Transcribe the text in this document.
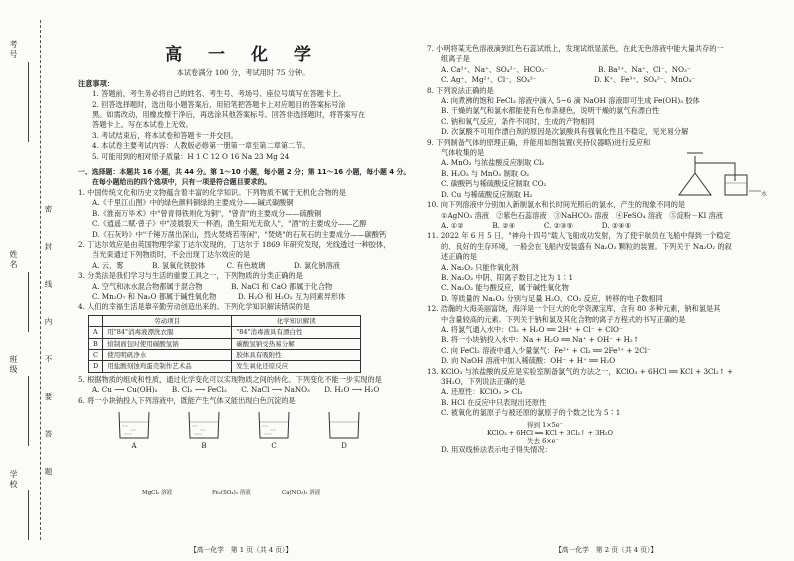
考号
姓名
班级
学校
密封线内不要答题
高 一 化 学

本试卷满分 100 分，考试用时 75 分钟。

注意事项：

1. 答题前，考生务必将自己的姓名、考生号、考场号、座位号填写在答题卡上。

2. 回答选择题时，选出每小题答案后，用铅笔把答题卡上对应题目的答案标号涂

黑。如需改动，用橡皮擦干净后，再选涂其他答案标号。回答非选择题时，将答案写在

答题卡上。写在本试卷上无效。

3. 考试结束后，将本试卷和答题卡一并交回。

4. 本试卷主要考试内容：人教版必修第一册第一章至第二章第二节。

5. 可能用到的相对原子质量：H 1 C 12 O 16 Na 23 Mg 24

一、选择题：本题共 16 小题，共 44 分。第 1～10 小题，每小题 2 分；第 11～16 小题，每小题 4 分。

在每小题给出的四个选项中，只有一项是符合题目要求的。

1. 中国传统文化和历史文物蕴含着丰富的化学知识。下列物质不属于无机化合物的是

A.《千里江山图》中的绿色颜料铜绿的主要成分——碱式碳酸铜

B.《淮南万毕术》中"曾青得铁则化为铜"，"曾青"的主要成分——硫酸铜

C.《逍遥二赋·曾子》中"凌晨裂天一杯酒，渔生阳光无欲人"，"酒"的主要成分——乙醇

D.《石灰吟》中"千锤万凿出深山，烈火焚烧若等闲"，"焚烧"的石灰石的主要成分——碳酸钙

2. 丁达尔效应是由英国物理学家丁达尔发现的，丁达尔于 1869 年研究发现，光线透过一种胶体，

当光束通过下列物质时，不会出现丁达尔效应的是

A. 云、雾　　　　B. 氢氧化铁胶体　　　C. 有色玻璃　　　　D. 氯化钠溶液

3. 分类法是我们学习与生活的重要工具之一，下列物质的分类正确的是

A. 空气和冰水混合物都属于混合物　　　　B. NaCl 和 CaO 都属于化合物

C. Mn₂O₇ 和 Na₂O 都属于碱性氧化物　　　D. H₂O 和 H₂O₂ 互为同素异形体

4. 人们的幸福生活是靠辛勤劳动创造出来的。下列化学知识解读错误的是

	劳动项目	化学知识解读
A	用"84"消毒液漂洗衣服	"84"消毒液具有漂白性
B	焙制面包时使用碳酸氢钠	碳酸氢钠受热易分解
C	使用明矾净水	胶体具有吸附性
D	用盐酸刻蚀鸡蛋壳制作艺术品	发生氧化还原反应

5. 根据物质的组成和性质，通过化学变化可以实现物质之间的转化。下列变化不能一步实现的是

A. Cu ⟶ Cu(OH)₂　　B. Cl₂ ⟶ FeCl₂　　C. NaCl ⟶ NaNO₃　　D. H₂O ⟶ H₂O

6. 将一小块钠投入下列溶液中，既能产生气体又能出现白色沉淀的是

A	B	C	D
MgCl₂ 溶液	Fe₂(SO₄)₃ 溶液	Ca(NO₃)₂ 溶液
【高一化学　第 1 页（共 4 页）】

7. 小明将某无色溶液滴到红色石蕊试纸上，发现试纸显蓝色，在此无色溶液中能大量共存的一

组离子是

A. Ca²⁺、Na⁺、SO₄²⁻、HCO₃⁻　　　　　　　B. Ba²⁺、Na⁺、Cl⁻、NO₃⁻

C. Ag⁺、Mg²⁺、Cl⁻、SO₄²⁻　　　　　　　　D. K⁺、Fe³⁺、SO₄²⁻、MnO₄⁻

8. 下列说法正确的是

A. 向煮沸的饱和 FeCl₃ 溶液中滴入 5~6 滴 NaOH 溶液即可生成 Fe(OH)₃ 胶体

B. 干燥的氯气和氯水都能使有色布条褪色，说明干燥的氯气有漂白性

C. 钠和氧气反应，条件不同时，生成的产物相同

D. 次氯酸不可用作漂白剂的原因是次氯酸具有强氧化性且不稳定，见光易分解

9. 下列制备气体的原理正确，并能用如图装置(夹持仪器略)进行反应和

气体收集的是

A. MnO₂ 与浓盐酸反应制取 Cl₂

B. H₂O₂ 与 MnO₂ 制取 O₂

C. 碳酸钙与稀硫酸反应制取 CO₂

D. Cu 与稀硫酸反应制取 H₂

10. 向下列溶液中分别加入新制氯水和长时间光照后的氯水，产生的现象不同的是

①AgNO₃ 溶液　②紫色石蕊溶液　③NaHCO₃ 溶液　④FeSO₄ 溶液　⑤淀粉－KI 溶液

A. ①②　　　　B. ②④　　　　C. ②③⑤　　　　D. ②④⑤

11. 2022 年 6 月 5 日，"神舟十四号"载人飞船成功发射，为了使宇航员在飞船中得到一个稳定

的、良好的生存环境，一般会在飞船内安装盛有 Na₂O₂ 颗粒的装置。下列关于 Na₂O₂ 的叙

述正确的是

A. Na₂O₂ 只能作氧化剂

B. Na₂O₂ 中阴、阳离子数目之比为 1∶1

C. Na₂O₂ 能与酸反应，属于碱性氧化物

D. 等质量的 Na₂O₂ 分别与足量 H₂O、CO₂ 反应，转移的电子数相同

12. 浩瀚的大海美丽富饶，海洋是一个巨大的化学资源宝库，含有 80 多种元素，钠和氯是其

中含量较高的元素。下列关于钠和氯及其化合物的离子方程式的书写正确的是

A. 将氯气通入水中：Cl₂ + H₂O ══ 2H⁺ + Cl⁻ + ClO⁻

B. 将一小块钠投入水中：Na + H₂O ══ Na⁺ + OH⁻ + H₂↑

C. 向 FeCl₂ 溶液中通入少量氯气：Fe²⁺ + Cl₂ ══ 2Fe³⁺ + 2Cl⁻

D. 向 NaOH 溶液中加入稀硫酸：OH⁻ + H⁺ ══ H₂O

13. KClO₃ 与浓盐酸的反应是实验室制备氯气的方法之一，KClO₃ + 6HCl ══ KCl + 3Cl₂↑ +

3H₂O，下列说法正确的是

A. 还原性：KClO₃ > Cl₂

B. HCl 在反应中只表现出还原性

C. 被氧化的氯原子与被还原的氯原子的个数之比为 5∶1

得到 1×5e⁻
KClO₃ + 6HCl ══ KCl + 3Cl₂↑ + 3H₂O
失去 6×e⁻

D. 用双线桥法表示电子得失情况：

水
【高一化学　第 2 页（共 4 页）】
